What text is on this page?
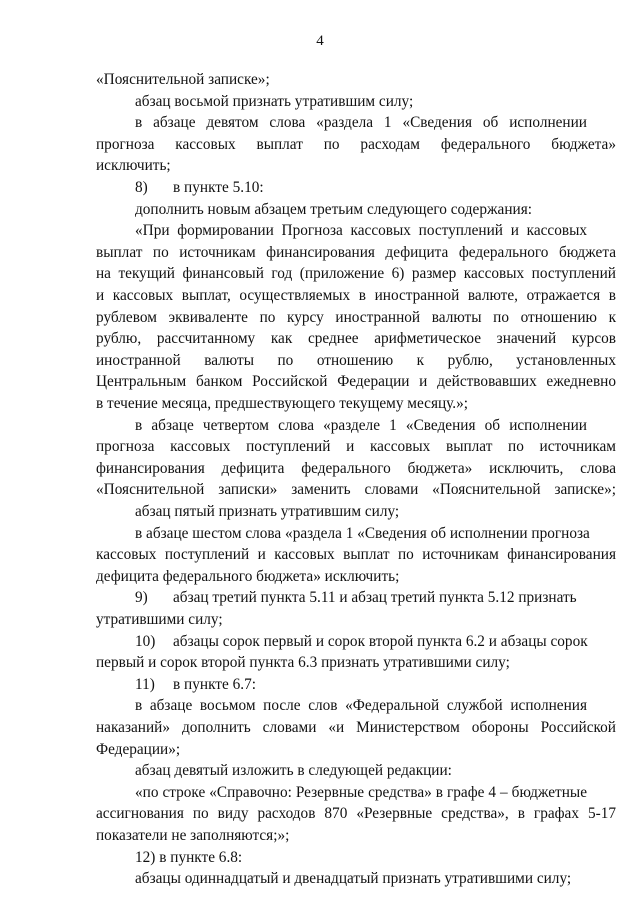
4
«Пояснительной записке»;
абзац восьмой признать утратившим силу;
в абзаце девятом слова «раздела 1 «Сведения об исполнении
прогноза кассовых выплат по расходам федерального бюджета»
исключить;
8) в пункте 5.10:
дополнить новым абзацем третьим следующего содержания:
«При формировании Прогноза кассовых поступлений и кассовых
выплат по источникам финансирования дефицита федерального бюджета
на текущий финансовый год (приложение 6) размер кассовых поступлений
и кассовых выплат, осуществляемых в иностранной валюте, отражается в
рублевом эквиваленте по курсу иностранной валюты по отношению к
рублю, рассчитанному как среднее арифметическое значений курсов
иностранной валюты по отношению к рублю, установленных
Центральным банком Российской Федерации и действовавших ежедневно
в течение месяца, предшествующего текущему месяцу.»;
в абзаце четвертом слова «разделе 1 «Сведения об исполнении
прогноза кассовых поступлений и кассовых выплат по источникам
финансирования дефицита федерального бюджета» исключить, слова
«Пояснительной записки» заменить словами «Пояснительной записке»;
абзац пятый признать утратившим силу;
в абзаце шестом слова «раздела 1 «Сведения об исполнении прогноза
кассовых поступлений и кассовых выплат по источникам финансирования
дефицита федерального бюджета» исключить;
9) абзац третий пункта 5.11 и абзац третий пункта 5.12 признать
утратившими силу;
10) абзацы сорок первый и сорок второй пункта 6.2 и абзацы сорок
первый и сорок второй пункта 6.3 признать утратившими силу;
11) в пункте 6.7:
в абзаце восьмом после слов «Федеральной службой исполнения
наказаний» дополнить словами «и Министерством обороны Российской
Федерации»;
абзац девятый изложить в следующей редакции:
«по строке «Справочно: Резервные средства» в графе 4 – бюджетные
ассигнования по виду расходов 870 «Резервные средства», в графах 5-17
показатели не заполняются;»;
12) в пункте 6.8:
абзацы одиннадцатый и двенадцатый признать утратившими силу;
